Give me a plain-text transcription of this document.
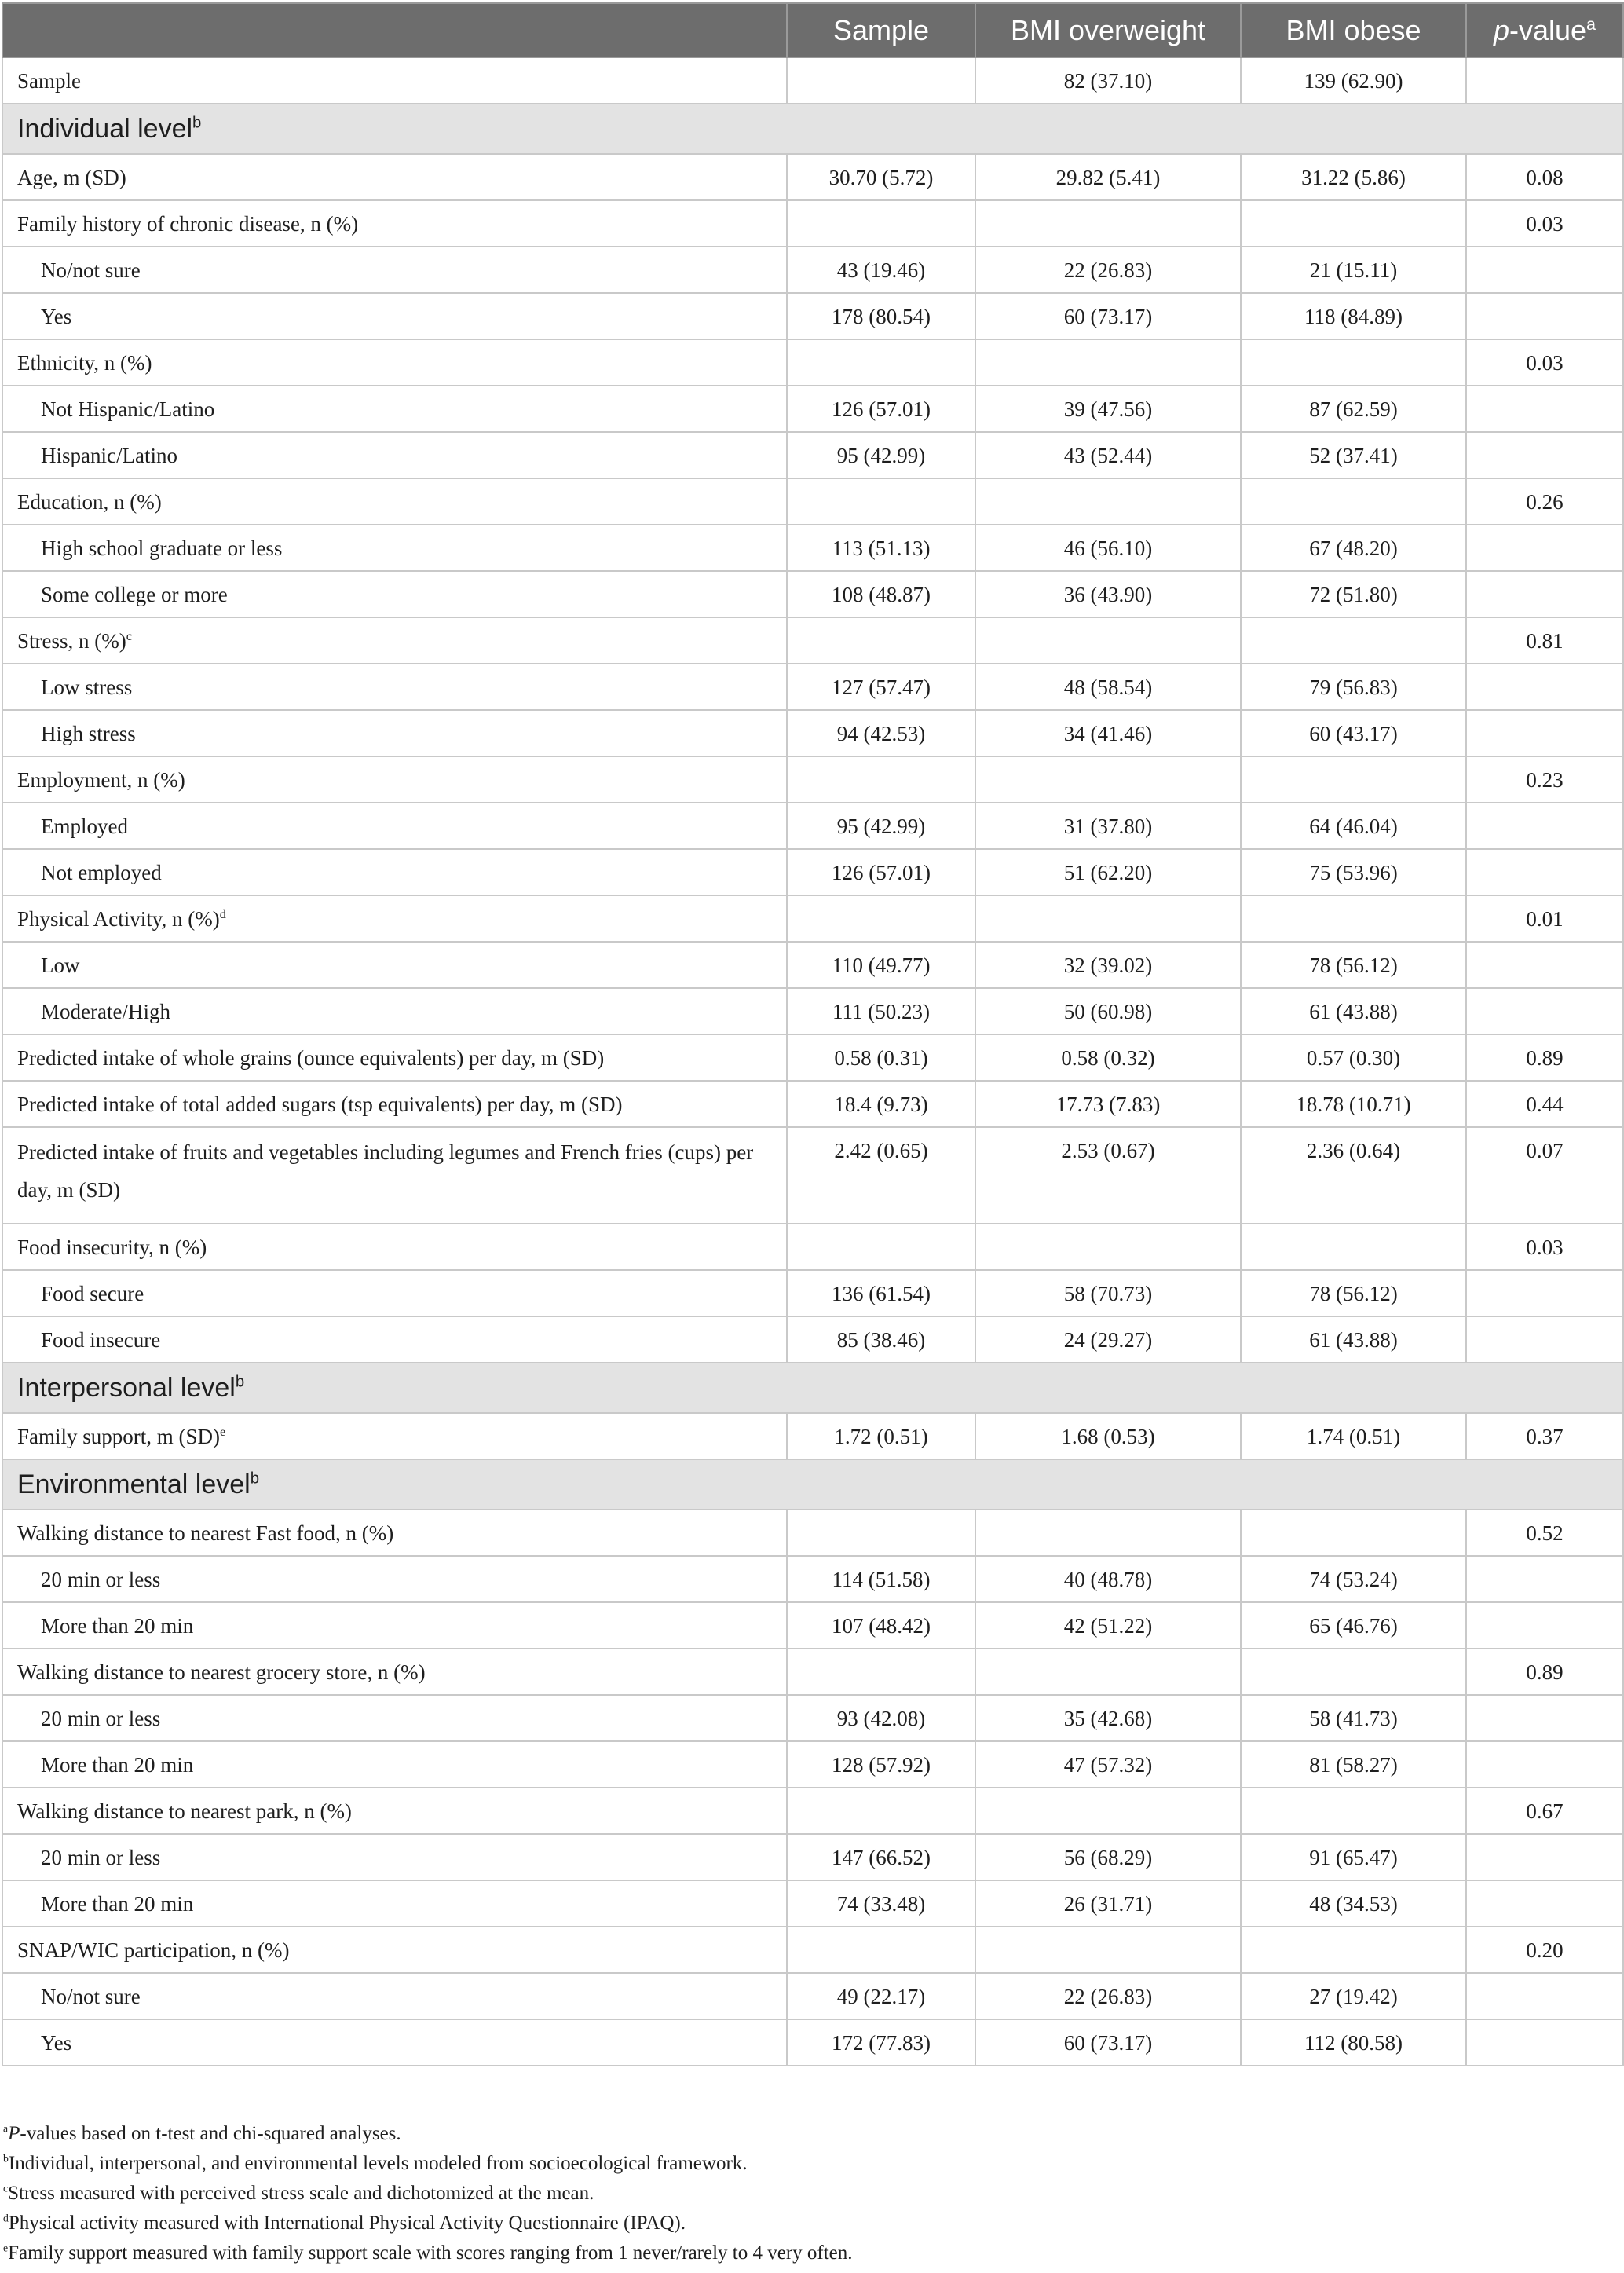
	Sample	BMI overweight	BMI obese	p-value$^a$
Sample		82 (37.10)	139 (62.90)	
Individual level$^b$
Age, m (SD)	30.70 (5.72)	29.82 (5.41)	31.22 (5.86)	0.08
Family history of chronic disease, n (%)				0.03
No/not sure	43 (19.46)	22 (26.83)	21 (15.11)	
Yes	178 (80.54)	60 (73.17)	118 (84.89)	
Ethnicity, n (%)				0.03
Not Hispanic/Latino	126 (57.01)	39 (47.56)	87 (62.59)	
Hispanic/Latino	95 (42.99)	43 (52.44)	52 (37.41)	
Education, n (%)				0.26
High school graduate or less	113 (51.13)	46 (56.10)	67 (48.20)	
Some college or more	108 (48.87)	36 (43.90)	72 (51.80)	
Stress, n (%)$^c$				0.81
Low stress	127 (57.47)	48 (58.54)	79 (56.83)	
High stress	94 (42.53)	34 (41.46)	60 (43.17)	
Employment, n (%)				0.23
Employed	95 (42.99)	31 (37.80)	64 (46.04)	
Not employed	126 (57.01)	51 (62.20)	75 (53.96)	
Physical Activity, n (%)$^d$				0.01
Low	110 (49.77)	32 (39.02)	78 (56.12)	
Moderate/High	111 (50.23)	50 (60.98)	61 (43.88)	
Predicted intake of whole grains (ounce equivalents) per day, m (SD)	0.58 (0.31)	0.58 (0.32)	0.57 (0.30)	0.89
Predicted intake of total added sugars (tsp equivalents) per day, m (SD)	18.4 (9.73)	17.73 (7.83)	18.78 (10.71)	0.44
Predicted intake of fruits and vegetables including legumes and French fries (cups) per day, m (SD)	2.42 (0.65)	2.53 (0.67)	2.36 (0.64)	0.07
Food insecurity, n (%)				0.03
Food secure	136 (61.54)	58 (70.73)	78 (56.12)	
Food insecure	85 (38.46)	24 (29.27)	61 (43.88)	
Interpersonal level$^b$
Family support, m (SD)$^e$	1.72 (0.51)	1.68 (0.53)	1.74 (0.51)	0.37
Environmental level$^b$
Walking distance to nearest Fast food, n (%)				0.52
20 min or less	114 (51.58)	40 (48.78)	74 (53.24)	
More than 20 min	107 (48.42)	42 (51.22)	65 (46.76)	
Walking distance to nearest grocery store, n (%)				0.89
20 min or less	93 (42.08)	35 (42.68)	58 (41.73)	
More than 20 min	128 (57.92)	47 (57.32)	81 (58.27)	
Walking distance to nearest park, n (%)				0.67
20 min or less	147 (66.52)	56 (68.29)	91 (65.47)	
More than 20 min	74 (33.48)	26 (31.71)	48 (34.53)	
SNAP/WIC participation, n (%)				0.20
No/not sure	49 (22.17)	22 (26.83)	27 (19.42)	
Yes	172 (77.83)	60 (73.17)	112 (80.58)	

$^a$P-values based on t-test and chi-squared analyses.

$^b$Individual, interpersonal, and environmental levels modeled from socioecological framework.

$^c$Stress measured with perceived stress scale and dichotomized at the mean.

$^d$Physical activity measured with International Physical Activity Questionnaire (IPAQ).

$^e$Family support measured with family support scale with scores ranging from 1 never/rarely to 4 very often.
